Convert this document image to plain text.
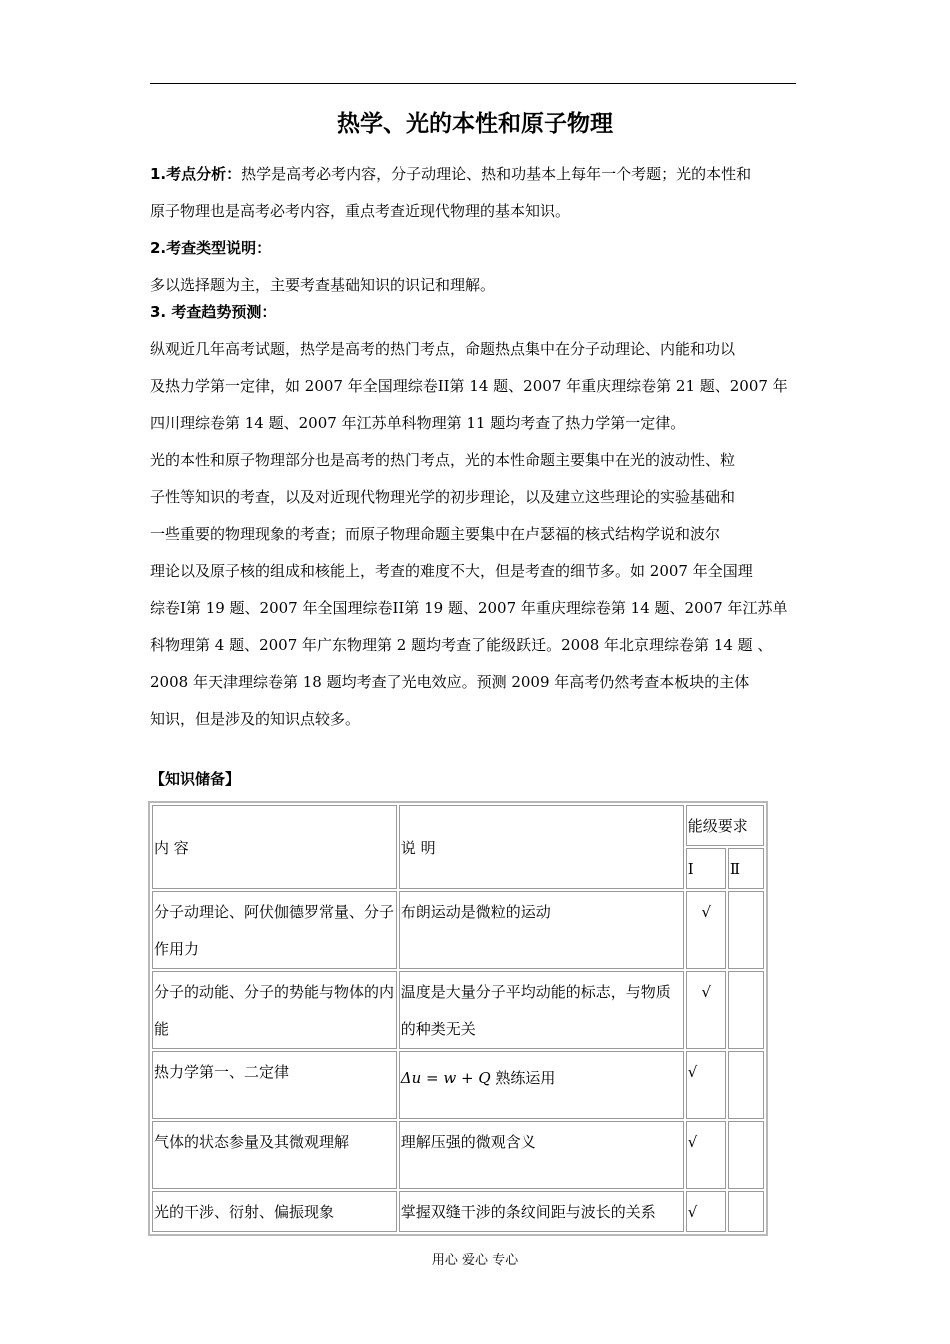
热学、光的本性和原子物理
1.考点分析：热学是高考必考内容，分子动理论、热和功基本上每年一个考题；光的本性和
原子物理也是高考必考内容，重点考查近现代物理的基本知识。
2.考查类型说明：
多以选择题为主，主要考查基础知识的识记和理解。
3. 考查趋势预测：
纵观近几年高考试题，热学是高考的热门考点，命题热点集中在分子动理论、内能和功以
及热力学第一定律，如 2007 年全国理综卷II第 14 题、2007 年重庆理综卷第 21 题、2007 年
四川理综卷第 14 题、2007 年江苏单科物理第 11 题均考查了热力学第一定律。
光的本性和原子物理部分也是高考的热门考点，光的本性命题主要集中在光的波动性、粒
子性等知识的考查，以及对近现代物理光学的初步理论，以及建立这些理论的实验基础和
一些重要的物理现象的考查；而原子物理命题主要集中在卢瑟福的核式结构学说和波尔
理论以及原子核的组成和核能上，考查的难度不大，但是考查的细节多。如 2007 年全国理
综卷I第 19 题、2007 年全国理综卷II第 19 题、2007 年重庆理综卷第 14 题、2007 年江苏单
科物理第 4 题、2007 年广东物理第 2 题均考查了能级跃迁。2008 年北京理综卷第 14 题 、
2008 年天津理综卷第 18 题均考查了光电效应。预测 2009 年高考仍然考查本板块的主体
知识，但是涉及的知识点较多。
【知识储备】
内 容	说 明	能级要求	
		Ⅰ	Ⅱ
分子动理论、阿伏伽德罗常量、分子作用力	布朗运动是微粒的运动	√	
分子的动能、分子的势能与物体的内能	温度是大量分子平均动能的标志，与物质的种类无关	√	
热力学第一、二定律	Δu = w + Q 熟练运用	√	
气体的状态参量及其微观理解	理解压强的微观含义	√	
光的干涉、衍射、偏振现象	掌握双缝干涉的条纹间距与波长的关系	√	
用心 爱心 专心
